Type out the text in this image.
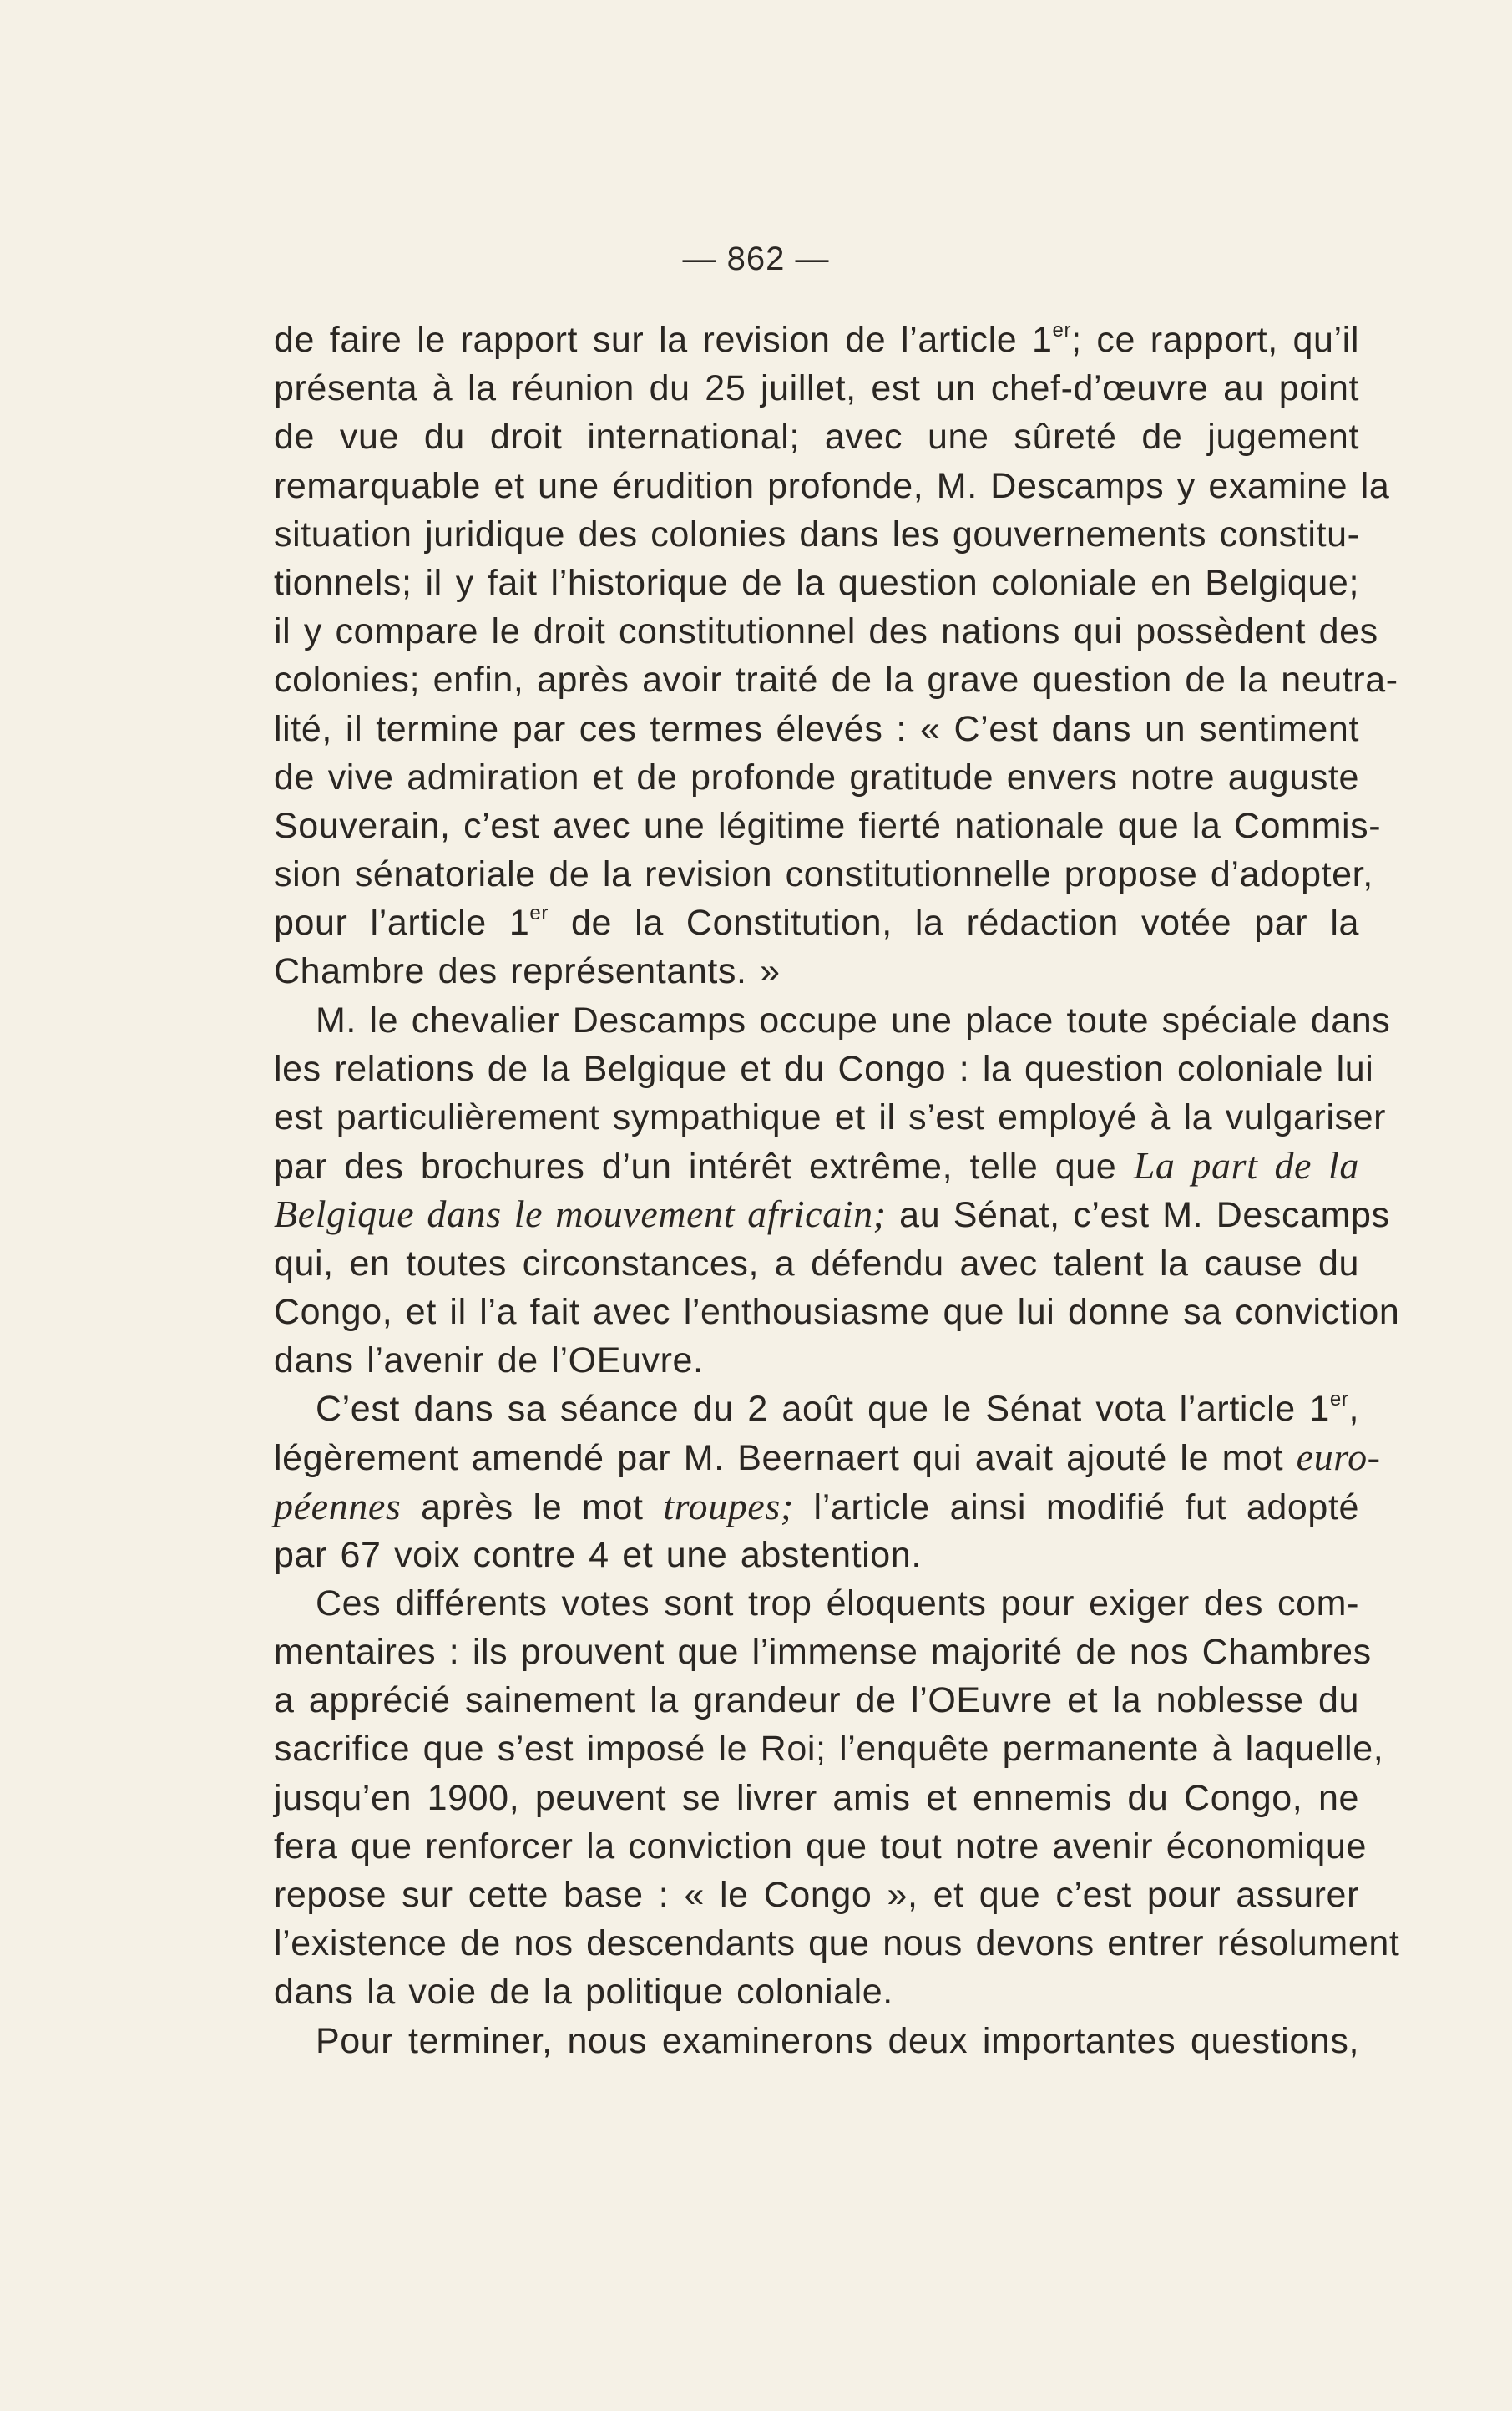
— 862 —
de faire le rapport sur la revision de l’article 1er; ce rapport, qu’il
présenta à la réunion du 25 juillet, est un chef-d’œuvre au point
de vue du droit international; avec une sûreté de jugement
remarquable et une érudition profonde, M. Descamps y examine la
situation juridique des colonies dans les gouvernements constitu-
tionnels; il y fait l’historique de la question coloniale en Belgique;
il y compare le droit constitutionnel des nations qui possèdent des
colonies; enfin, après avoir traité de la grave question de la neutra-
lité, il termine par ces termes élevés : « C’est dans un sentiment
de vive admiration et de profonde gratitude envers notre auguste
Souverain, c’est avec une légitime fierté nationale que la Commis-
sion sénatoriale de la revision constitutionnelle propose d’adopter,
pour l’article 1er de la Constitution, la rédaction votée par la
Chambre des représentants. »
M. le chevalier Descamps occupe une place toute spéciale dans
les relations de la Belgique et du Congo : la question coloniale lui
est particulièrement sympathique et il s’est employé à la vulgariser
par des brochures d’un intérêt extrême, telle que La part de la
Belgique dans le mouvement africain; au Sénat, c’est M. Descamps
qui, en toutes circonstances, a défendu avec talent la cause du
Congo, et il l’a fait avec l’enthousiasme que lui donne sa conviction
dans l’avenir de l’OEuvre.
C’est dans sa séance du 2 août que le Sénat vota l’article 1er,
légèrement amendé par M. Beernaert qui avait ajouté le mot euro-
péennes après le mot troupes; l’article ainsi modifié fut adopté
par 67 voix contre 4 et une abstention.
Ces différents votes sont trop éloquents pour exiger des com-
mentaires : ils prouvent que l’immense majorité de nos Chambres
a apprécié sainement la grandeur de l’OEuvre et la noblesse du
sacrifice que s’est imposé le Roi; l’enquête permanente à laquelle,
jusqu’en 1900, peuvent se livrer amis et ennemis du Congo, ne
fera que renforcer la conviction que tout notre avenir économique
repose sur cette base : « le Congo », et que c’est pour assurer
l’existence de nos descendants que nous devons entrer résolument
dans la voie de la politique coloniale.
Pour terminer, nous examinerons deux importantes questions,
